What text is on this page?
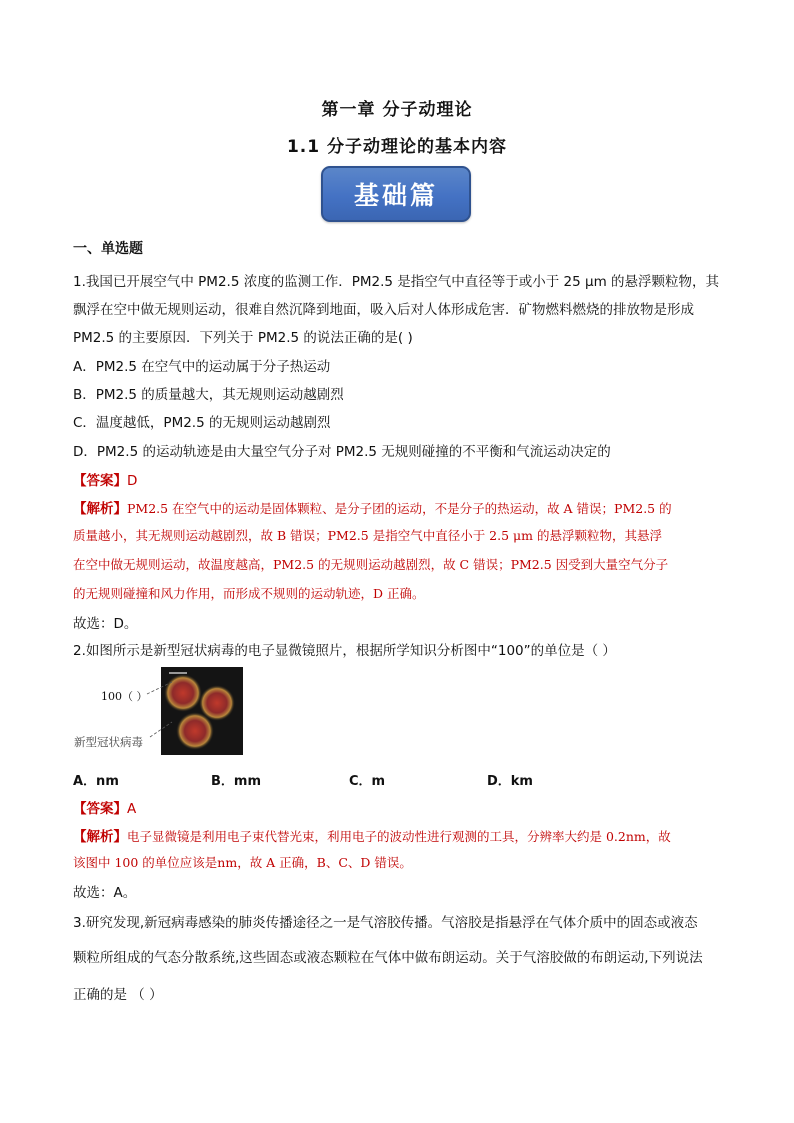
第一章 分子动理论
1.1 分子动理论的基本内容
基础篇
一、单选题
1.我国已开展空气中 PM2.5 浓度的监测工作．PM2.5 是指空气中直径等于或小于 25 μm 的悬浮颗粒物，其
飘浮在空中做无规则运动，很难自然沉降到地面，吸入后对人体形成危害．矿物燃料燃烧的排放物是形成
PM2.5 的主要原因．下列关于 PM2.5 的说法正确的是( )
A．PM2.5 在空气中的运动属于分子热运动
B．PM2.5 的质量越大，其无规则运动越剧烈
C．温度越低，PM2.5 的无规则运动越剧烈
D．PM2.5 的运动轨迹是由大量空气分子对 PM2.5 无规则碰撞的不平衡和气流运动决定的
【答案】D
【解析】PM2.5 在空气中的运动是固体颗粒、是分子团的运动，不是分子的热运动，故 A 错误；PM2.5 的
质量越小，其无规则运动越剧烈，故 B 错误；PM2.5 是指空气中直径小于 2.5 μm 的悬浮颗粒物，其悬浮
在空中做无规则运动，故温度越高，PM2.5 的无规则运动越剧烈，故 C 错误；PM2.5 因受到大量空气分子
的无规则碰撞和风力作用，而形成不规则的运动轨迹，D 正确。
故选：D。
2.如图所示是新型冠状病毒的电子显微镜照片，根据所学知识分析图中“100”的单位是（ ）
100（ ）
新型冠状病毒
A．nm	B．mm	C．m	D．km
【答案】A
【解析】电子显微镜是利用电子束代替光束，利用电子的波动性进行观测的工具，分辨率大约是 0.2nm，故
该图中 100 的单位应该是nm，故 A 正确，B、C、D 错误。
故选：A。
3.研究发现,新冠病毒感染的肺炎传播途径之一是气溶胶传播。气溶胶是指悬浮在气体介质中的固态或液态
颗粒所组成的气态分散系统,这些固态或液态颗粒在气体中做布朗运动。关于气溶胶做的布朗运动,下列说法
正确的是 （ ）
